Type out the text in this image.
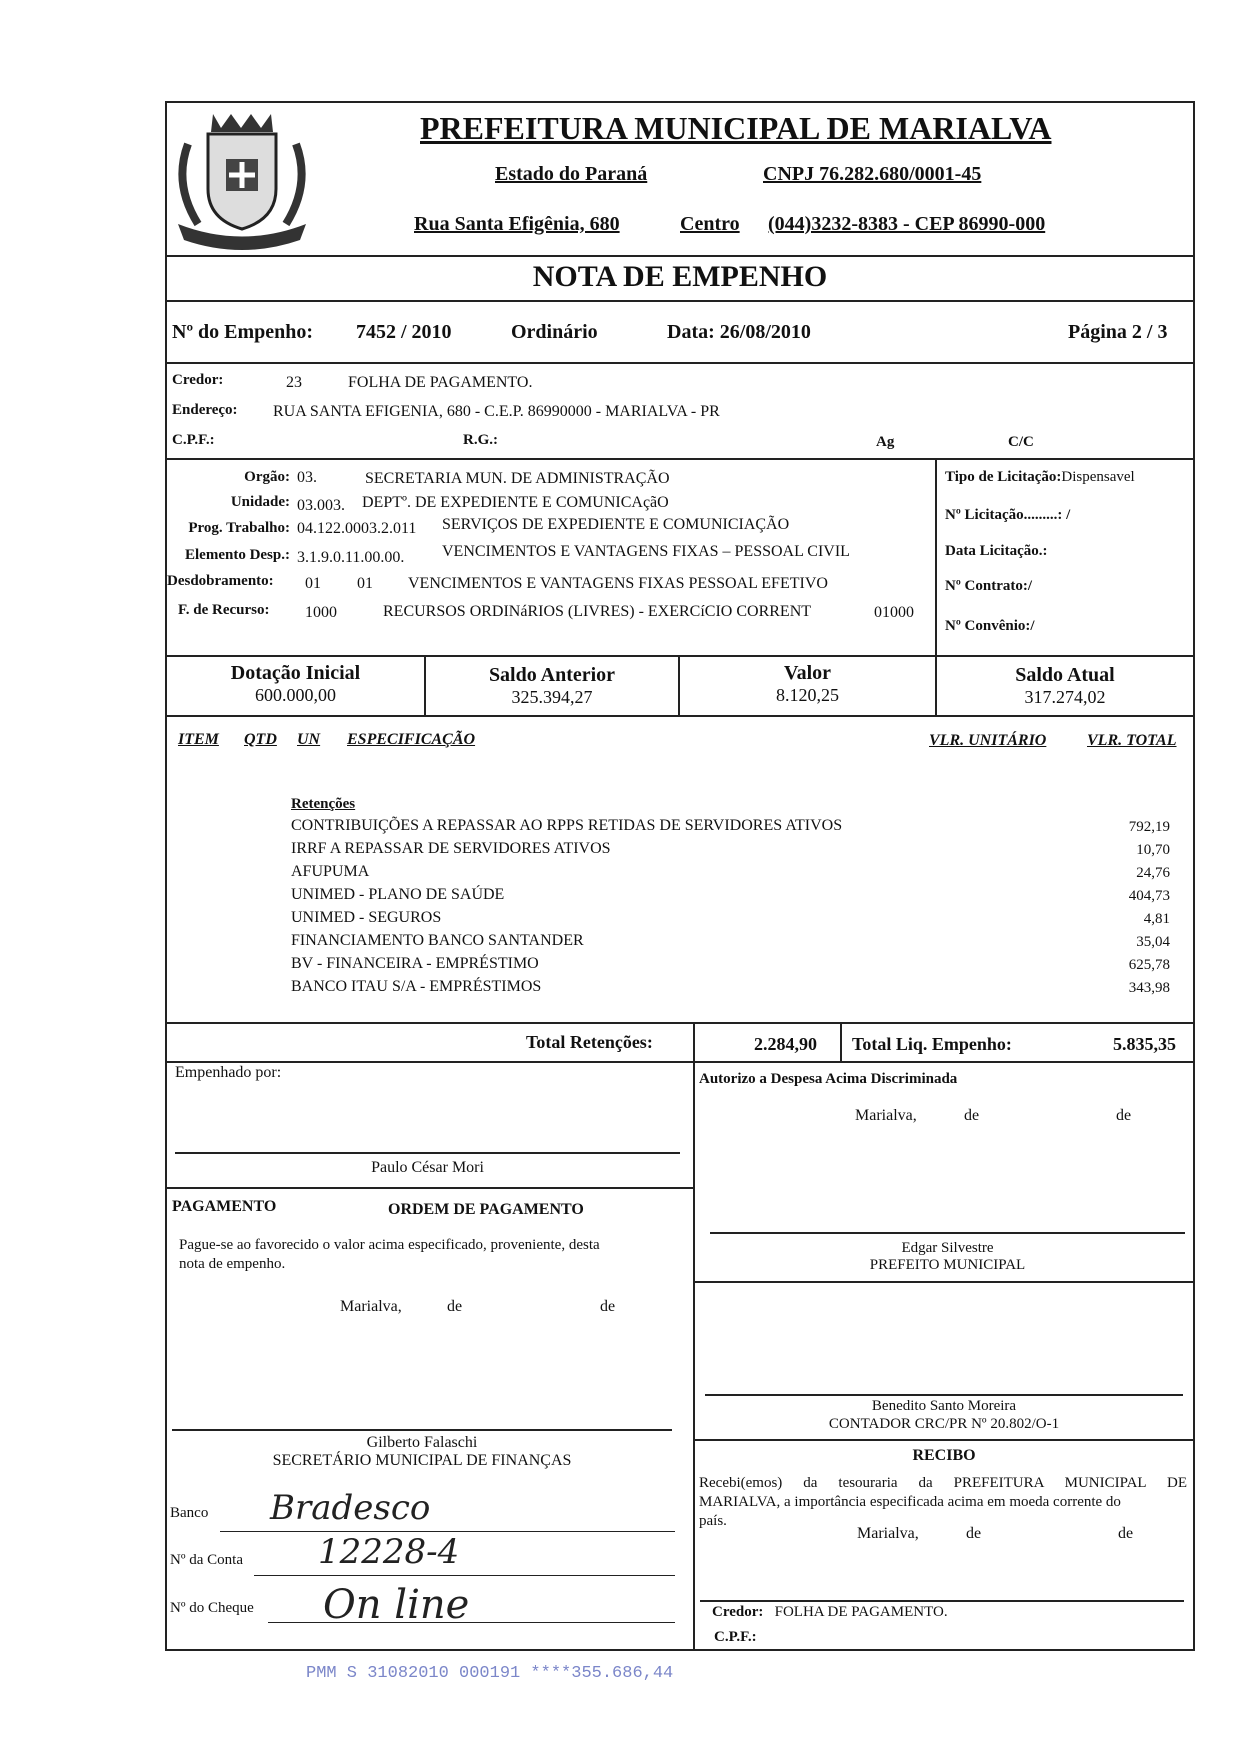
PREFEITURA MUNICIPAL DE MARIALVA
Estado do Paraná	CNPJ 76.282.680/0001-45
Rua Santa Efigênia, 680	Centro (044)3232-8383 - CEP 86990-000
NOTA DE EMPENHO
Nº do Empenho: 7452 / 2010	Ordinário	Data: 26/08/2010	Página 2 / 3
Credor:	23	FOLHA DE PAGAMENTO.
Endereço: RUA SANTA EFIGENIA, 680 - C.E.P. 86990000 - MARIALVA - PR
C.P.F.:	R.G.:	Ag	C/C
Orgão: 03.	SECRETARIA MUN. DE ADMINISTRAÇÃO
Unidade: 03.003. DEPTº. DE EXPEDIENTE E COMUNICAçãO
Prog. Trabalho: 04.122.0003.2.011 SERVIÇOS DE EXPEDIENTE E COMUNICIAÇÃO
Elemento Desp.: 3.1.9.0.11.00.00. VENCIMENTOS E VANTAGENS FIXAS – PESSOAL CIVIL
Desdobramento: 01 01 VENCIMENTOS E VANTAGENS FIXAS PESSOAL EFETIVO
F. de Recurso: 1000	RECURSOS ORDINáRIOS (LIVRES) - EXERCíCIO CORRENT	01000
Tipo de Licitação:Dispensavel
Nº Licitação.........: /
Data Licitação.:
Nº Contrato:/
Nº Convênio:/
Dotação Inicial
600.000,00
Saldo Anterior
325.394,27
Valor
8.120,25
Saldo Atual
317.274,02
ITEM QTD UN ESPECIFICAÇÃO	VLR. UNITÁRIO	VLR. TOTAL
Retenções
CONTRIBUIÇÕES A REPASSAR AO RPPS RETIDAS DE SERVIDORES ATIVOS	792,19
IRRF A REPASSAR DE SERVIDORES ATIVOS	10,70
AFUPUMA	24,76
UNIMED - PLANO DE SAÚDE	404,73
UNIMED - SEGUROS	4,81
FINANCIAMENTO BANCO SANTANDER	35,04
BV - FINANCEIRA - EMPRÉSTIMO	625,78
BANCO ITAU S/A - EMPRÉSTIMOS	343,98
Total Retenções:	2.284,90 Total Liq. Empenho:	5.835,35
Empenhado por:
Paulo César Mori
PAGAMENTO	ORDEM DE PAGAMENTO
Pague-se ao favorecido o valor acima especificado, proveniente, desta
nota de empenho.
Marialva,	de	de
Gilberto Falaschi
SECRETÁRIO MUNICIPAL DE FINANÇAS
Banco Bradesco
Nº da Conta 12228-4
Nº do Cheque On line
Autorizo a Despesa Acima Discriminada
Marialva,	de	de
Edgar Silvestre
PREFEITO MUNICIPAL
Benedito Santo Moreira
CONTADOR CRC/PR Nº 20.802/O-1
RECIBO
Recebi(emos) da tesouraria da PREFEITURA MUNICIPAL DE
MARIALVA, a importância especificada acima em moeda corrente do
país.
Marialva,	de	de
Credor: FOLHA DE PAGAMENTO.
C.P.F.:
PMM S 31082010 000191 ****355.686,44
